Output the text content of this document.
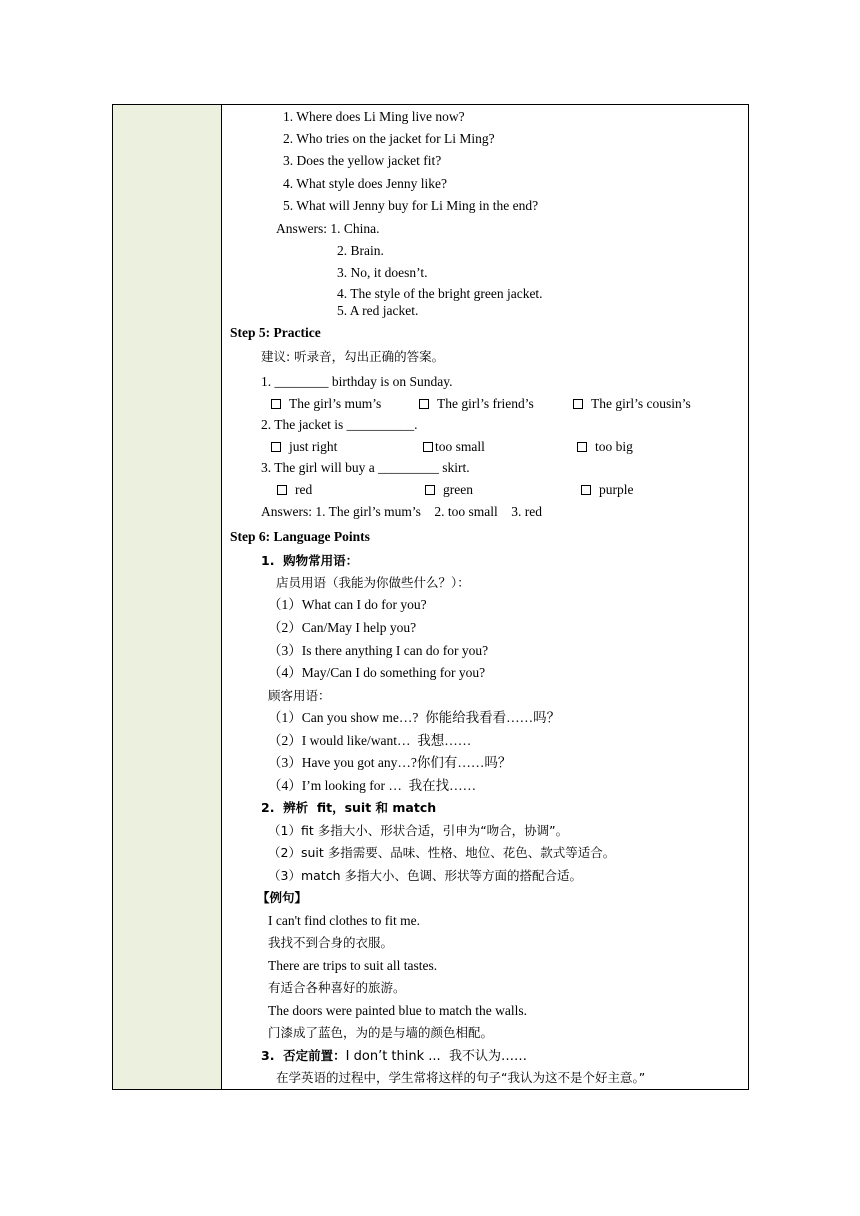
1. Where does Li Ming live now?
2. Who tries on the jacket for Li Ming?
3. Does the yellow jacket fit?
4. What style does Jenny like?
5. What will Jenny buy for Li Ming in the end?
Answers: 1. China.
2. Brain.
3. No, it doesn’t.
4. The style of the bright green jacket.
5. A red jacket.
Step 5: Practice
建议: 听录音，勾出正确的答案。
1. ________ birthday is on Sunday.
The girl’s mum’s	The girl’s friend’s	The girl’s cousin’s
2. The jacket is __________.
just right	too small	too big
3. The girl will buy a _________ skirt.
red	green	purple
Answers: 1. The girl’s mum’s    2. too small    3. red
Step 6: Language Points
1.  购物常用语：
店员用语（我能为你做些什么？）：
（1）What can I do for you?
（2）Can/May I help you?
（3）Is there anything I can do for you?
（4）May/Can I do something for you?
顾客用语：
（1）Can you show me…?  你能给我看看……吗？
（2）I would like/want…  我想……
（3）Have you got any…?你们有……吗？
（4）I’m looking for …  我在找……
2.  辨析  fit，suit 和 match
（1）fit 多指大小、形状合适，引申为“吻合，协调”。
（2）suit 多指需要、品味、性格、地位、花色、款式等适合。
（3）match 多指大小、色调、形状等方面的搭配合适。
【例句】
I can't find clothes to fit me.
我找不到合身的衣服。
There are trips to suit all tastes.
有适合各种喜好的旅游。
The doors were painted blue to match the walls.
门漆成了蓝色，为的是与墙的颜色相配。
3.  否定前置：I don’t think ...  我不认为……
在学英语的过程中，学生常将这样的句子“我认为这不是个好主意。”
